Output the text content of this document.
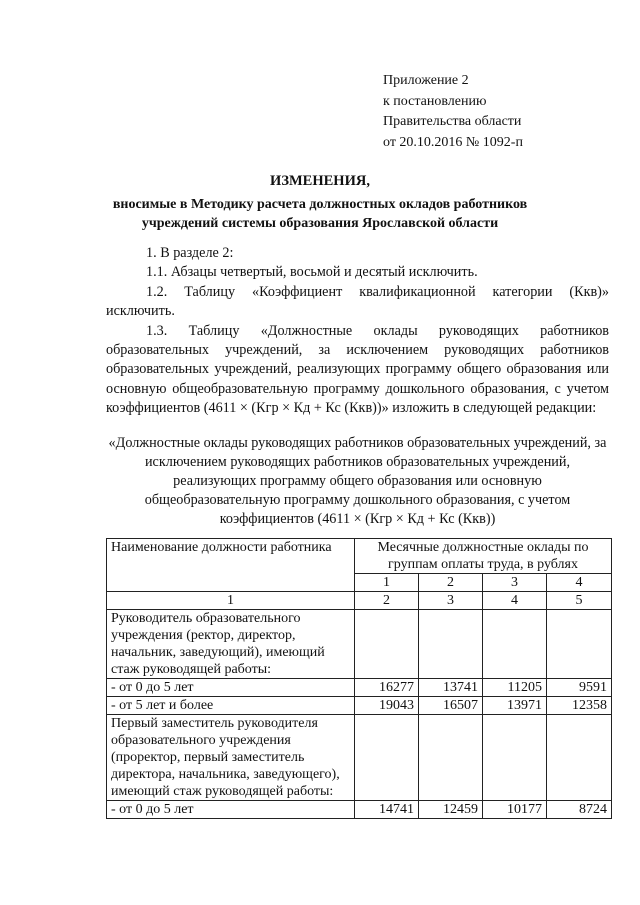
Приложение 2
к постановлению
Правительства области
от 20.10.2016 № 1092-п
ИЗМЕНЕНИЯ,
вносимые в Методику расчета должностных окладов работников
учреждений системы образования Ярославской области

1. В разделе 2:

1.1. Абзацы четвертый, восьмой и десятый исключить.

1.2. Таблицу «Коэффициент квалификационной категории (Ккв)» исключить.

1.3. Таблицу «Должностные оклады руководящих работников образовательных учреждений, за исключением руководящих работников образовательных учреждений, реализующих программу общего образования или основную общеобразовательную программу дошкольного образования, с учетом коэффициентов (4611 × (Кгр × Кд + Кс (Ккв))» изложить в следующей редакции:

«Должностные оклады руководящих работников образовательных учреждений, за исключением руководящих работников образовательных учреждений, реализующих программу общего образования или основную общеобразовательную программу дошкольного образования, с учетом коэффициентов (4611 × (Кгр × Кд + Кс (Ккв))
Наименование должности работника	Месячные должностные оклады по группам оплаты труда, в рублях			
	1	2	3	4
1	2	3	4	5
Руководитель образовательного учреждения (ректор, директор, начальник, заведующий), имеющий стаж руководящей работы:				
- от 0 до 5 лет	16277	13741	11205	9591
- от 5 лет и более	19043	16507	13971	12358
Первый заместитель руководителя образовательного учреждения (проректор, первый заместитель директора, начальника, заведующего), имеющий стаж руководящей работы:				
- от 0 до 5 лет	14741	12459	10177	8724
